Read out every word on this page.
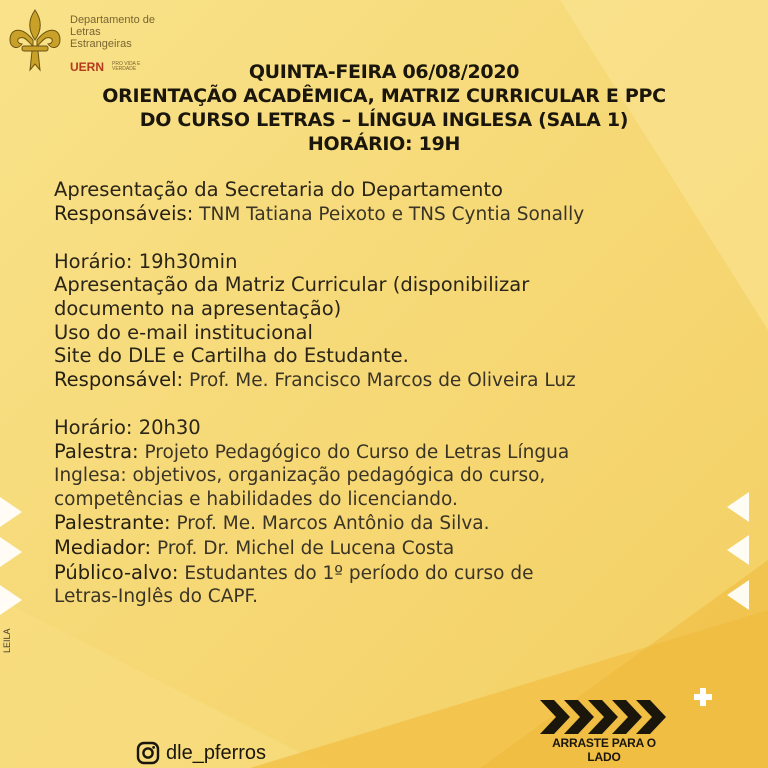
Departamento de
Letras
Estrangeiras
UERN PRO VIDA E VERDADE	QUINTA-FEIRA 06/08/2020
ORIENTAÇÃO ACADÊMICA, MATRIZ CURRICULAR E PPC
DO CURSO LETRAS – LÍNGUA INGLESA (SALA 1)
HORÁRIO: 19H
Apresentação da Secretaria do Departamento
Responsáveis: TNM Tatiana Peixoto e TNS Cyntia Sonally
Horário: 19h30min
Apresentação da Matriz Curricular (disponibilizar
documento na apresentação)
Uso do e-mail institucional
Site do DLE e Cartilha do Estudante.
Responsável: Prof. Me. Francisco Marcos de Oliveira Luz
Horário: 20h30
Palestra: Projeto Pedagógico do Curso de Letras Língua
Inglesa: objetivos, organização pedagógica do curso,
competências e habilidades do licenciando.
Palestrante: Prof. Me. Marcos Antônio da Silva.
Mediador: Prof. Dr. Michel de Lucena Costa
Público-alvo: Estudantes do 1º período do curso de
Letras-Inglês do CAPF.
LEILA
ARRASTE PARA O LADO
dle_pferros
